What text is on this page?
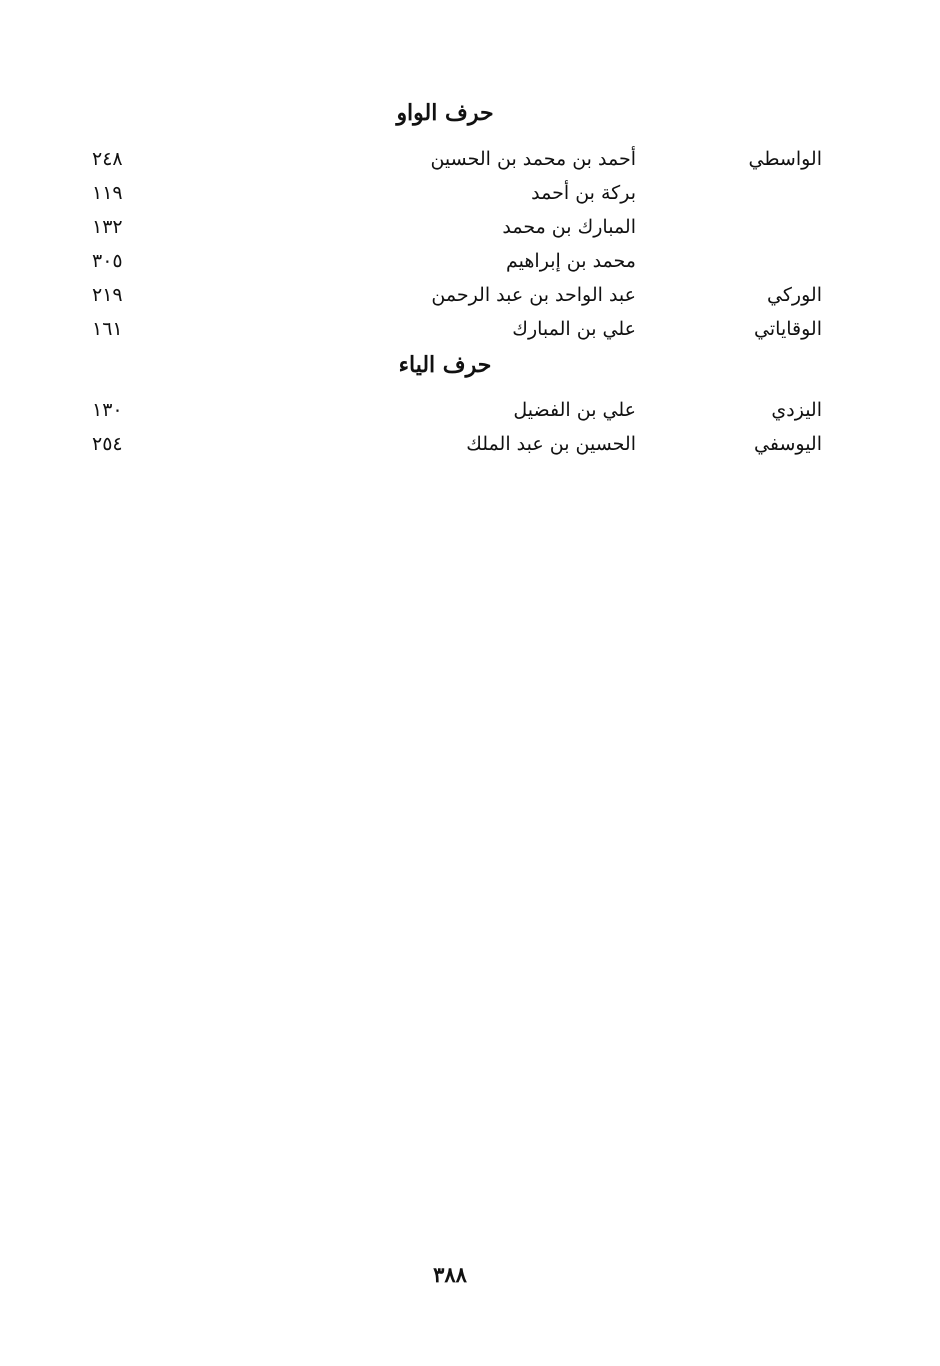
حرف الواو
الواسطي
أحمد بن محمد بن الحسين
٢٤٨
بركة بن أحمد
١١٩
المبارك بن محمد
١٣٢
محمد بن إبراهيم
٣٠٥
الوركي
عبد الواحد بن عبد الرحمن
٢١٩
الوقاياتي
علي بن المبارك
١٦١
حرف الياء
اليزدي
علي بن الفضيل
١٣٠
اليوسفي
الحسين بن عبد الملك
٢٥٤

٣٨٨
